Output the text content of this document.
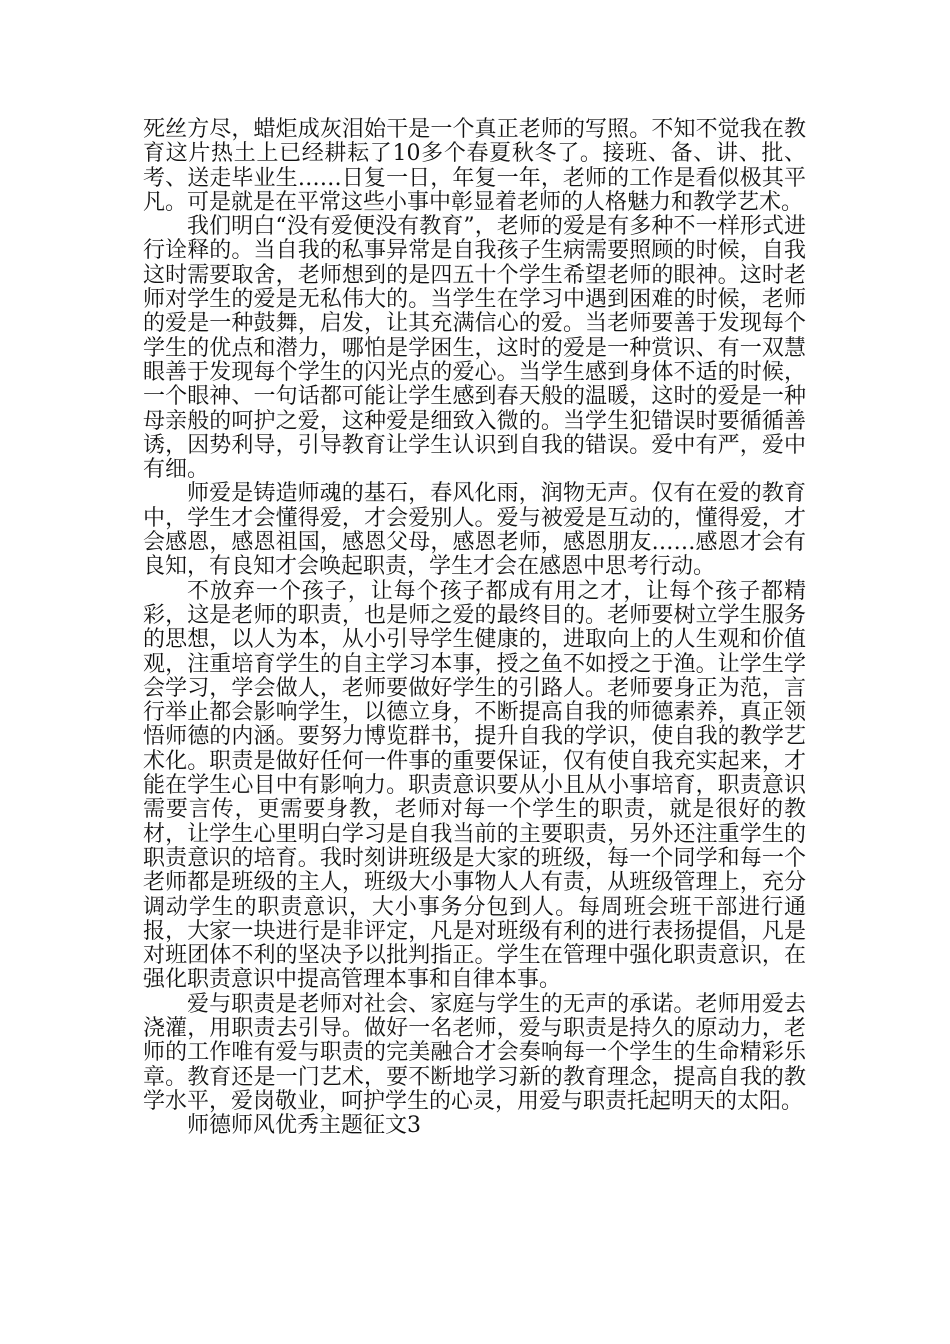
死丝方尽，蜡炬成灰泪始干是一个真正老师的写照。不知不觉我在教育这片热土上已经耕耘了10多个春夏秋冬了。接班、备、讲、批、考、送走毕业生……日复一日，年复一年，老师的工作是看似极其平凡。可是就是在平常这些小事中彰显着老师的人格魅力和教学艺术。

我们明白“没有爱便没有教育”，老师的爱是有多种不一样形式进行诠释的。当自我的私事异常是自我孩子生病需要照顾的时候，自我这时需要取舍，老师想到的是四五十个学生希望老师的眼神。这时老师对学生的爱是无私伟大的。当学生在学习中遇到困难的时候，老师的爱是一种鼓舞，启发，让其充满信心的爱。当老师要善于发现每个学生的优点和潜力，哪怕是学困生，这时的爱是一种赏识、有一双慧眼善于发现每个学生的闪光点的爱心。当学生感到身体不适的时候，一个眼神、一句话都可能让学生感到春天般的温暖，这时的爱是一种母亲般的呵护之爱，这种爱是细致入微的。当学生犯错误时要循循善诱，因势利导，引导教育让学生认识到自我的错误。爱中有严，爱中有细。

师爱是铸造师魂的基石，春风化雨，润物无声。仅有在爱的教育中，学生才会懂得爱，才会爱别人。爱与被爱是互动的，懂得爱，才会感恩，感恩祖国，感恩父母，感恩老师，感恩朋友……感恩才会有良知，有良知才会唤起职责，学生才会在感恩中思考行动。

不放弃一个孩子，让每个孩子都成有用之才，让每个孩子都精彩，这是老师的职责，也是师之爱的最终目的。老师要树立学生服务的思想，以人为本，从小引导学生健康的，进取向上的人生观和价值观，注重培育学生的自主学习本事，授之鱼不如授之于渔。让学生学会学习，学会做人，老师要做好学生的引路人。老师要身正为范，言行举止都会影响学生，以德立身，不断提高自我的师德素养，真正领悟师德的内涵。要努力博览群书，提升自我的学识，使自我的教学艺术化。职责是做好任何一件事的重要保证，仅有使自我充实起来，才能在学生心目中有影响力。职责意识要从小且从小事培育，职责意识需要言传，更需要身教，老师对每一个学生的职责，就是很好的教材，让学生心里明白学习是自我当前的主要职责，另外还注重学生的职责意识的培育。我时刻讲班级是大家的班级，每一个同学和每一个老师都是班级的主人，班级大小事物人人有责，从班级管理上，充分调动学生的职责意识，大小事务分包到人。每周班会班干部进行通报，大家一块进行是非评定，凡是对班级有利的进行表扬提倡，凡是对班团体不利的坚决予以批判指正。学生在管理中强化职责意识，在强化职责意识中提高管理本事和自律本事。

爱与职责是老师对社会、家庭与学生的无声的承诺。老师用爱去浇灌，用职责去引导。做好一名老师，爱与职责是持久的原动力，老师的工作唯有爱与职责的完美融合才会奏响每一个学生的生命精彩乐章。教育还是一门艺术，要不断地学习新的教育理念，提高自我的教学水平，爱岗敬业，呵护学生的心灵，用爱与职责托起明天的太阳。

师德师风优秀主题征文3
